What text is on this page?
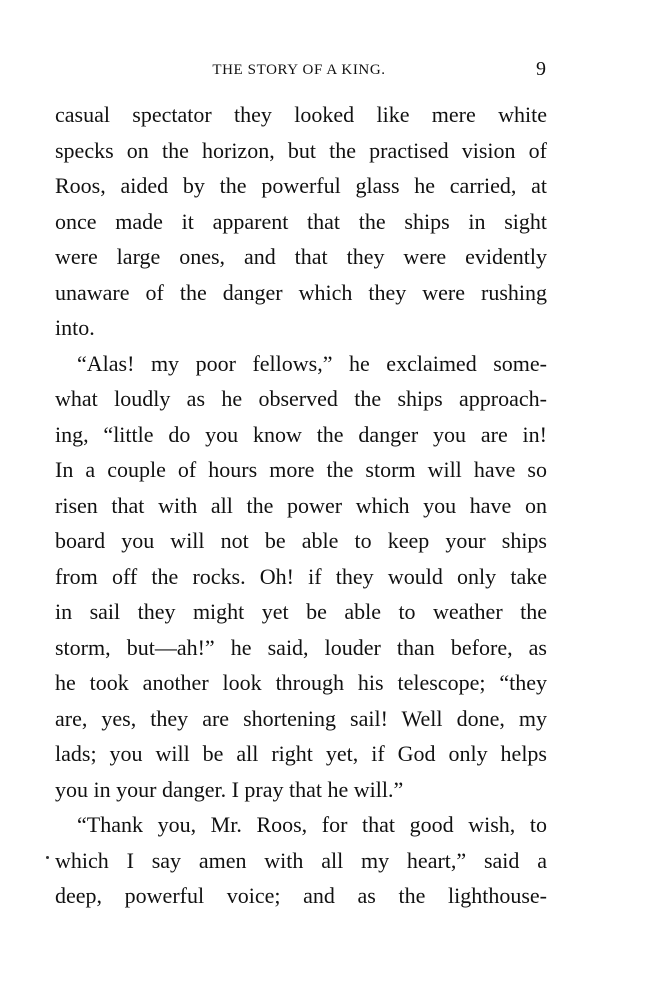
THE STORY OF A KING.	9
casual spectator they looked like mere white
specks on the horizon, but the practised vision of
Roos, aided by the powerful glass he carried, at
once made it apparent that the ships in sight
were large ones, and that they were evidently
unaware of the danger which they were rushing
into.
“Alas! my poor fellows,” he exclaimed some-
what loudly as he observed the ships approach-
ing, “little do you know the danger you are in!
In a couple of hours more the storm will have so
risen that with all the power which you have on
board you will not be able to keep your ships
from off the rocks. Oh! if they would only take
in sail they might yet be able to weather the
storm, but—ah!” he said, louder than before, as
he took another look through his telescope; “they
are, yes, they are shortening sail! Well done, my
lads; you will be all right yet, if God only helps
you in your danger. I pray that he will.”
“Thank you, Mr. Roos, for that good wish, to
which I say amen with all my heart,” said a
deep, powerful voice; and as the lighthouse-
